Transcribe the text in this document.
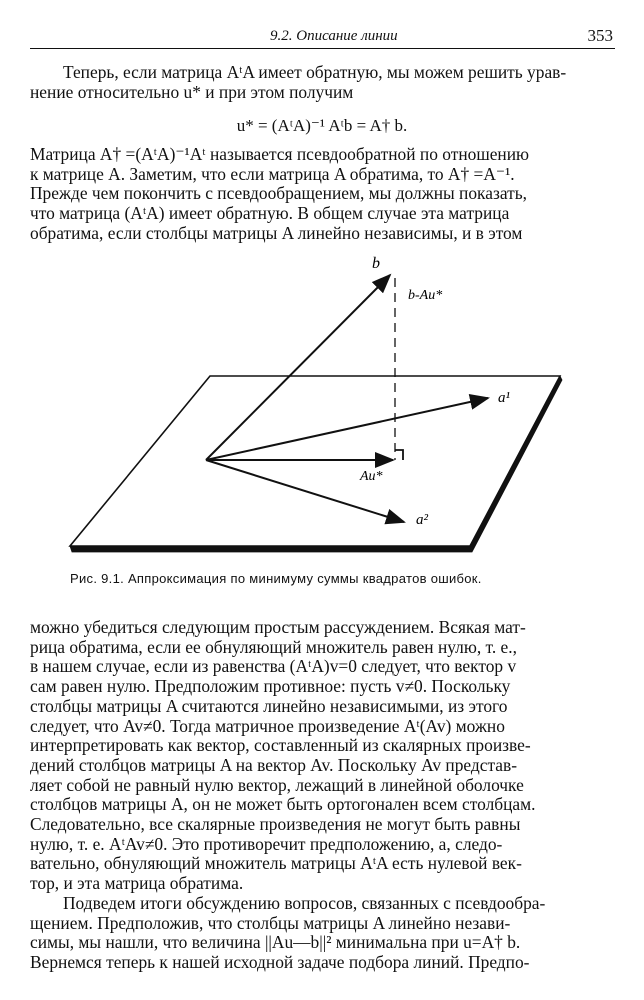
9.2. Описание линии	353

Теперь, если матрица AᵗA имеет обратную, мы можем решить урав-

нение относительно u* и при этом получим

u* = (AᵗA)⁻¹ Aᵗb = A† b.

Матрица A† =(AᵗA)⁻¹Aᵗ называется псевдообратной по отношению

к матрице A. Заметим, что если матрица A обратима, то A† =A⁻¹.

Прежде чем покончить с псевдообращением, мы должны показать,

что матрица (AᵗA) имеет обратную. В общем случае эта матрица

обратима, если столбцы матрицы A линейно независимы, и в этом

b
b-Au*
a¹
Au*
a²
Рис. 9.1. Аппроксимация по минимуму суммы квадратов ошибок.

можно убедиться следующим простым рассуждением. Всякая мат-

рица обратима, если ее обнуляющий множитель равен нулю, т. е.,

в нашем случае, если из равенства (AᵗA)v=0 следует, что вектор v

сам равен нулю. Предположим противное: пусть v≠0. Поскольку

столбцы матрицы A считаются линейно независимыми, из этого

следует, что Av≠0. Тогда матричное произведение Aᵗ(Av) можно

интерпретировать как вектор, составленный из скалярных произве-

дений столбцов матрицы A на вектор Av. Поскольку Av представ-

ляет собой не равный нулю вектор, лежащий в линейной оболочке

столбцов матрицы A, он не может быть ортогонален всем столбцам.

Следовательно, все скалярные произведения не могут быть равны

нулю, т. е. AᵗAv≠0. Это противоречит предположению, а, следо-

вательно, обнуляющий множитель матрицы AᵗA есть нулевой век-

тор, и эта матрица обратима.

Подведем итоги обсуждению вопросов, связанных с псевдообра-

щением. Предположив, что столбцы матрицы A линейно незави-

симы, мы нашли, что величина ||Au—b||² минимальна при u=A† b.

Вернемся теперь к нашей исходной задаче подбора линий. Предпо-
